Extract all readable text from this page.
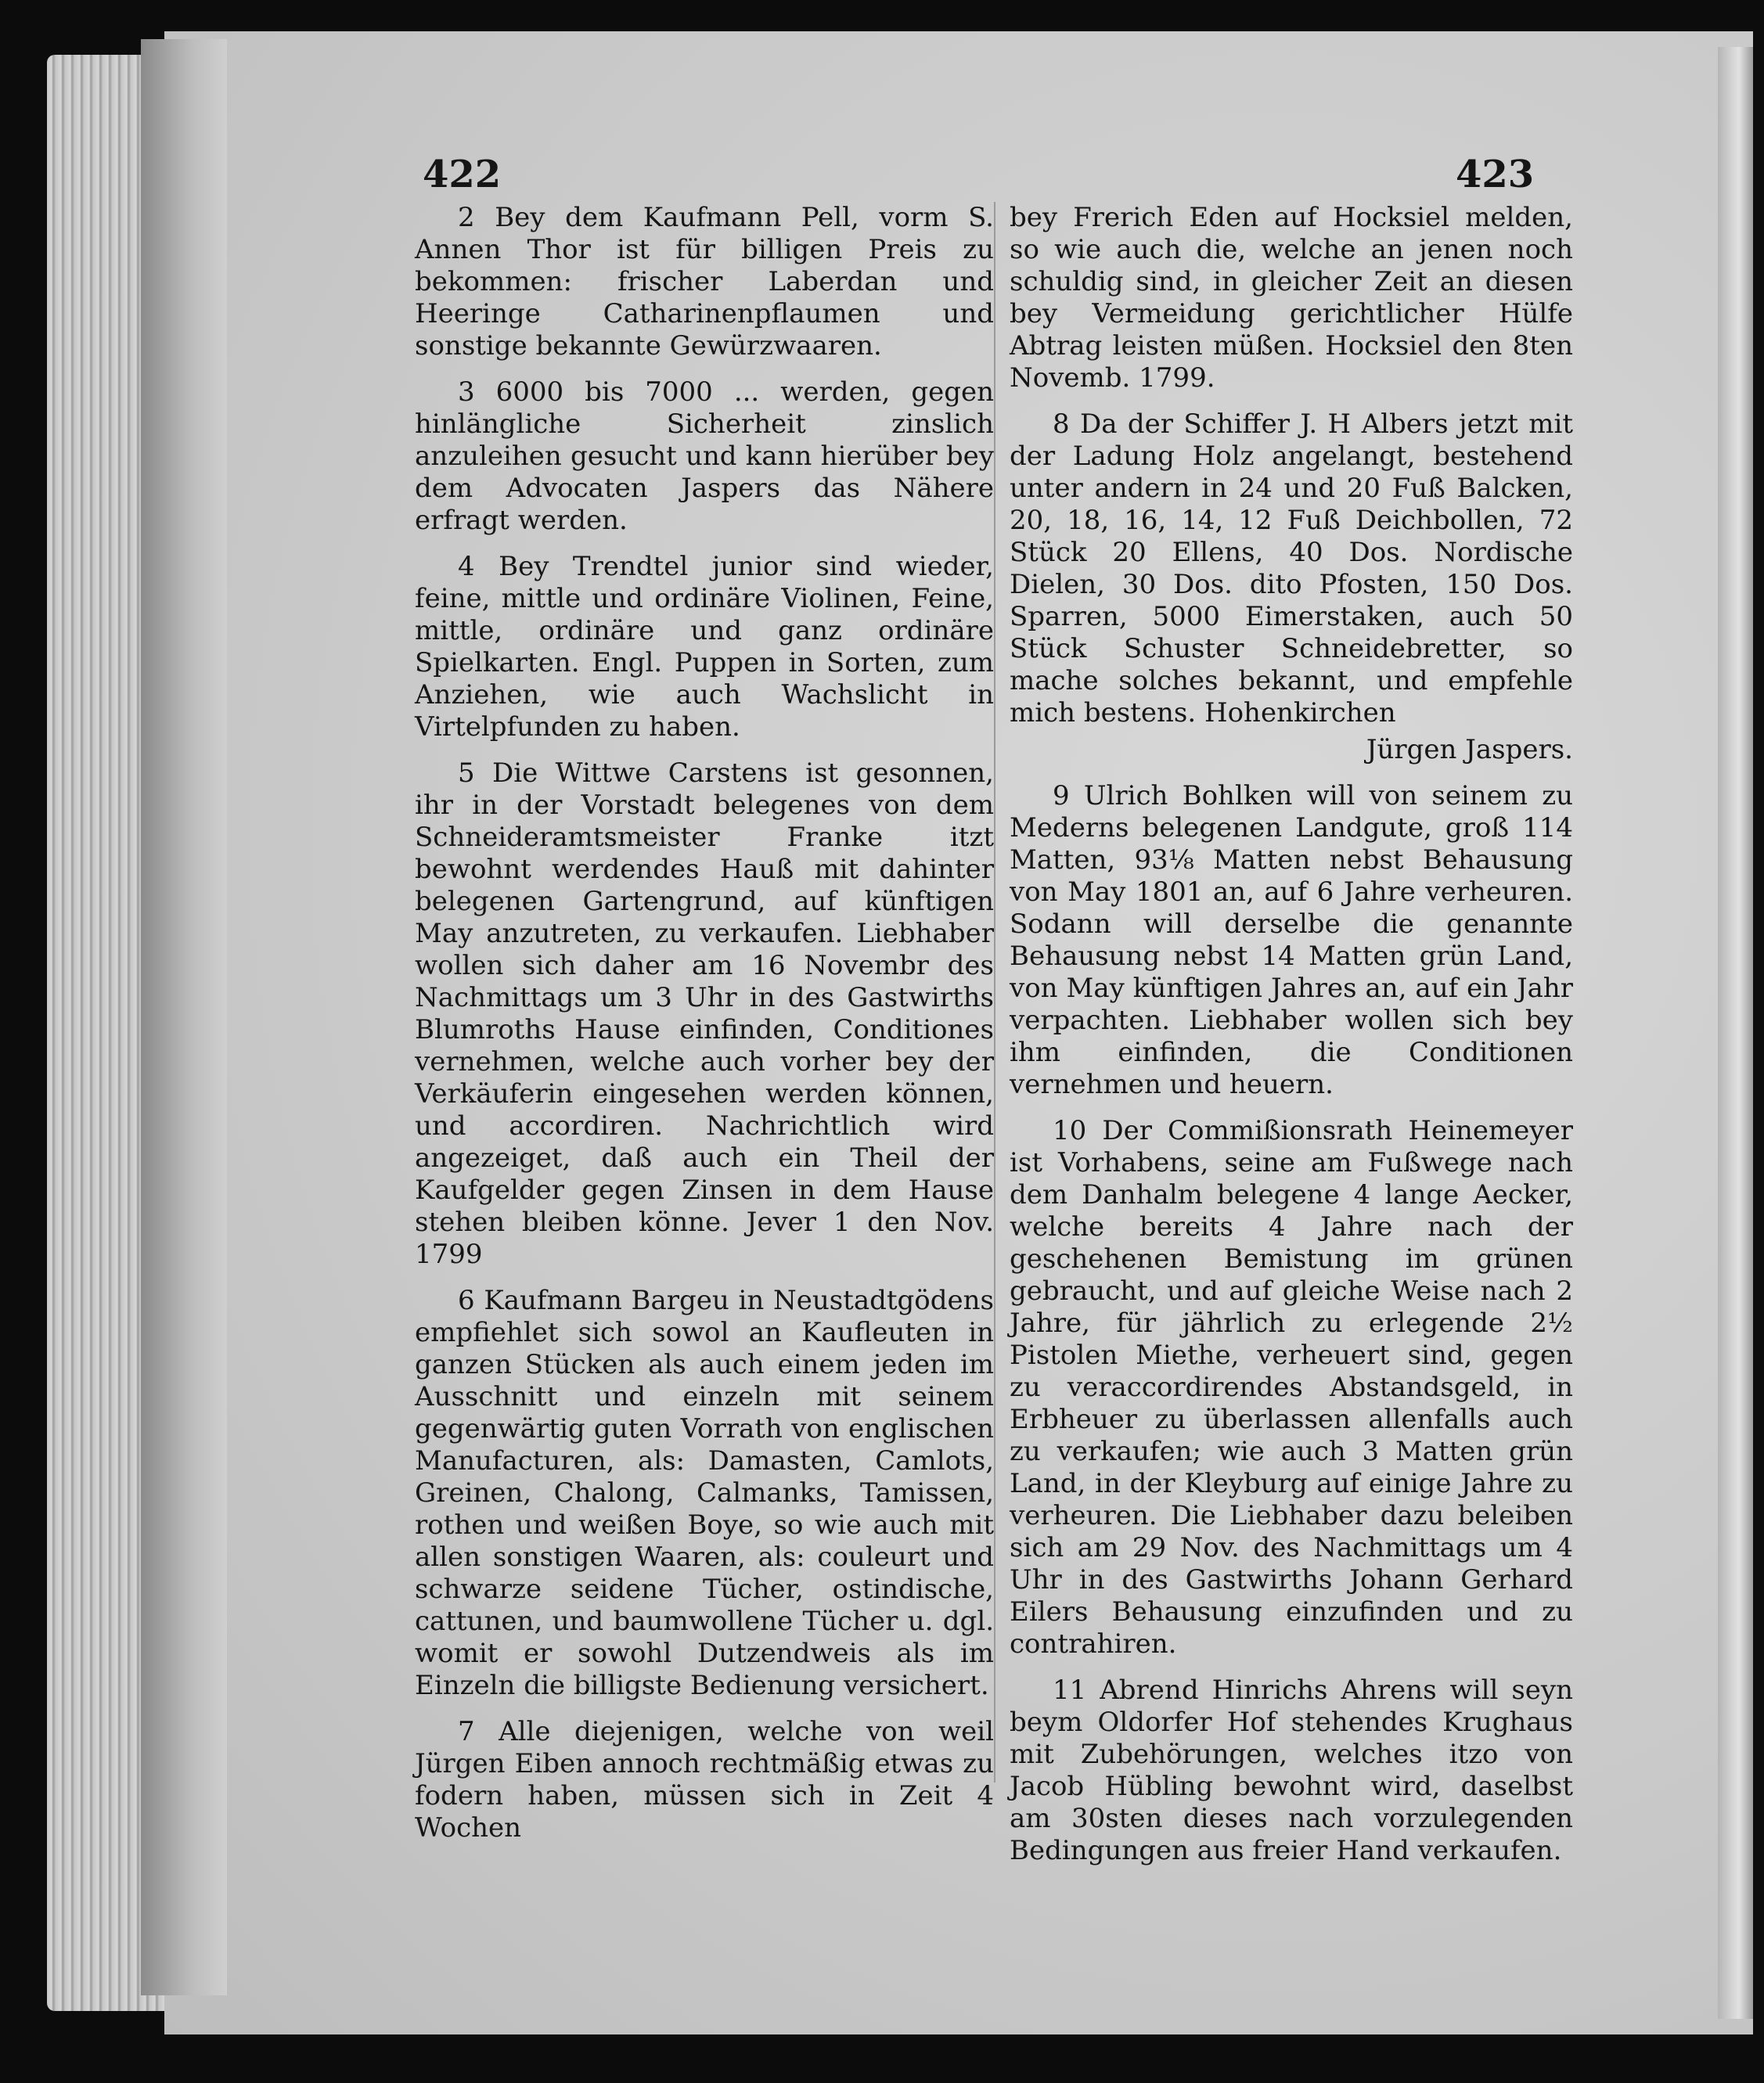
422	423

2 Bey dem Kaufmann Pell, vorm S. Annen Thor ist für billigen Preis zu bekommen: frischer Laberdan und Heeringe Catharinenpflaumen und sonstige bekannte Gewürzwaaren.

3 6000 bis 7000 ... werden, gegen hinlängliche Sicherheit zinslich anzuleihen gesucht und kann hierüber bey dem Advocaten Jaspers das Nähere erfragt werden.

4 Bey Trendtel junior sind wieder, feine, mittle und ordinäre Violinen, Feine, mittle, ordinäre und ganz ordinäre Spielkarten. Engl. Puppen in Sorten, zum Anziehen, wie auch Wachslicht in Virtelpfunden zu haben.

5 Die Wittwe Carstens ist gesonnen, ihr in der Vorstadt belegenes von dem Schneideramtsmeister Franke itzt bewohnt werdendes Hauß mit dahinter belegenen Gartengrund, auf künftigen May anzutreten, zu verkaufen. Liebhaber wollen sich daher am 16 Novembr des Nachmittags um 3 Uhr in des Gastwirths Blumroths Hause einfinden, Conditiones vernehmen, welche auch vorher bey der Verkäuferin eingesehen werden können, und accordiren. Nachrichtlich wird angezeiget, daß auch ein Theil der Kaufgelder gegen Zinsen in dem Hause stehen bleiben könne. Jever 1 den Nov. 1799

6 Kaufmann Bargeu in Neustadtgödens empfiehlet sich sowol an Kaufleuten in ganzen Stücken als auch einem jeden im Ausschnitt und einzeln mit seinem gegenwärtig guten Vorrath von englischen Manufacturen, als: Damasten, Camlots, Greinen, Chalong, Calmanks, Tamissen, rothen und weißen Boye, so wie auch mit allen sonstigen Waaren, als: couleurt und schwarze seidene Tücher, ostindische, cattunen, und baumwollene Tücher u. dgl. womit er sowohl Dutzendweis als im Einzeln die billigste Bedienung versichert.

7 Alle diejenigen, welche von weil Jürgen Eiben annoch rechtmäßig etwas zu fodern haben, müssen sich in Zeit 4 Wochen

bey Frerich Eden auf Hocksiel melden, so wie auch die, welche an jenen noch schuldig sind, in gleicher Zeit an diesen bey Vermeidung gerichtlicher Hülfe Abtrag leisten müßen. Hocksiel den 8ten Novemb. 1799.

8 Da der Schiffer J. H Albers jetzt mit der Ladung Holz angelangt, bestehend unter andern in 24 und 20 Fuß Balcken, 20, 18, 16, 14, 12 Fuß Deichbollen, 72 Stück 20 Ellens, 40 Dos. Nordische Dielen, 30 Dos. dito Pfosten, 150 Dos. Sparren, 5000 Eimerstaken, auch 50 Stück Schuster Schneidebretter, so mache solches bekannt, und empfehle mich bestens. Hohenkirchen

Jürgen Jaspers.

9 Ulrich Bohlken will von seinem zu Mederns belegenen Landgute, groß 114 Matten, 93⅛ Matten nebst Behausung von May 1801 an, auf 6 Jahre verheuren. Sodann will derselbe die genannte Behausung nebst 14 Matten grün Land, von May künftigen Jahres an, auf ein Jahr verpachten. Liebhaber wollen sich bey ihm einfinden, die Conditionen vernehmen und heuern.

10 Der Commißionsrath Heinemeyer ist Vorhabens, seine am Fußwege nach dem Danhalm belegene 4 lange Aecker, welche bereits 4 Jahre nach der geschehenen Bemistung im grünen gebraucht, und auf gleiche Weise nach 2 Jahre, für jährlich zu erlegende 2½ Pistolen Miethe, verheuert sind, gegen zu veraccordirendes Abstandsgeld, in Erbheuer zu überlassen allenfalls auch zu verkaufen; wie auch 3 Matten grün Land, in der Kleyburg auf einige Jahre zu verheuren. Die Liebhaber dazu beleiben sich am 29 Nov. des Nachmittags um 4 Uhr in des Gastwirths Johann Gerhard Eilers Behausung einzufinden und zu contrahiren.

11 Abrend Hinrichs Ahrens will seyn beym Oldorfer Hof stehendes Krughaus mit Zubehörungen, welches itzo von Jacob Hübling bewohnt wird, daselbst am 30sten dieses nach vorzulegenden Bedingungen aus freier Hand verkaufen.
